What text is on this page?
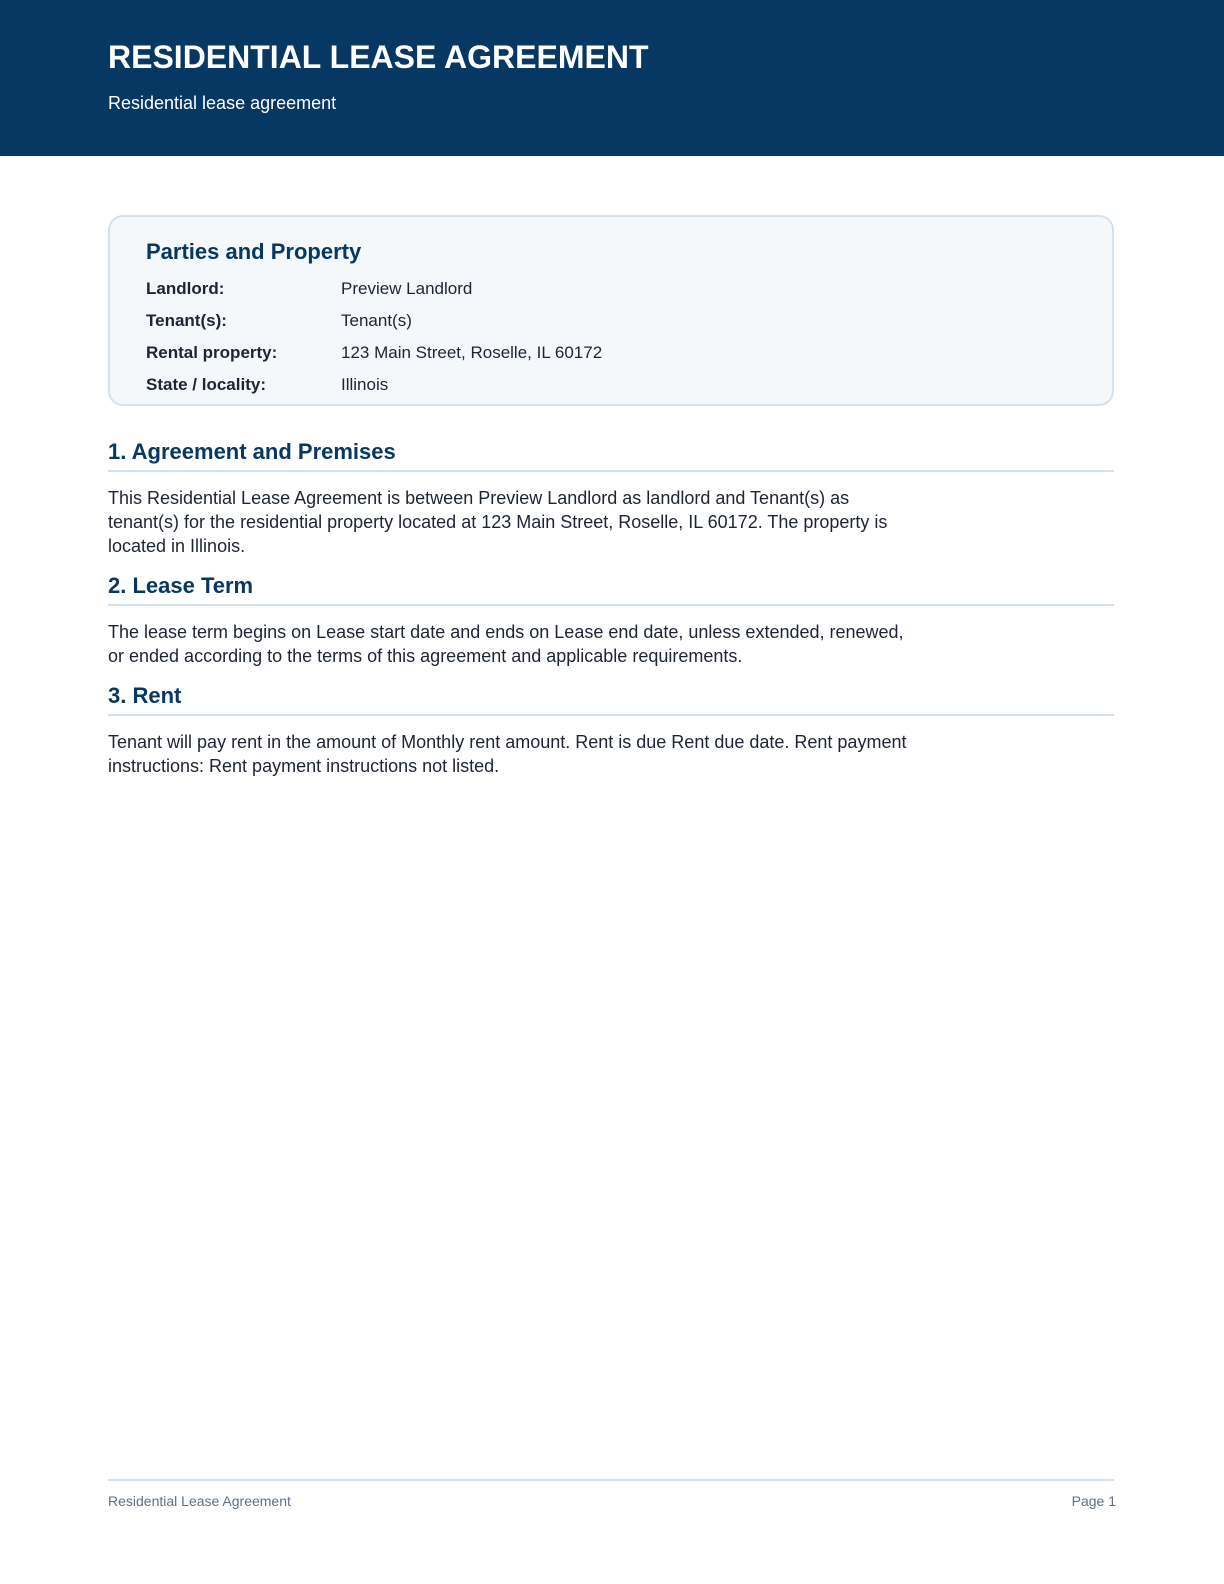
RESIDENTIAL LEASE AGREEMENT

Residential lease agreement

Parties and Property
Landlord:	Preview Landlord
Tenant(s):	Tenant(s)
Rental property:	123 Main Street, Roselle, IL 60172
State / locality:	Illinois
1. Agreement and Premises

This Residential Lease Agreement is between Preview Landlord as landlord and Tenant(s) as tenant(s) for the residential property located at 123 Main Street, Roselle, IL 60172. The property is located in Illinois.

2. Lease Term

The lease term begins on Lease start date and ends on Lease end date, unless extended, renewed, or ended according to the terms of this agreement and applicable requirements.

3. Rent

Tenant will pay rent in the amount of Monthly rent amount. Rent is due Rent due date. Rent payment instructions: Rent payment instructions not listed.

Residential Lease Agreement	Page 1
